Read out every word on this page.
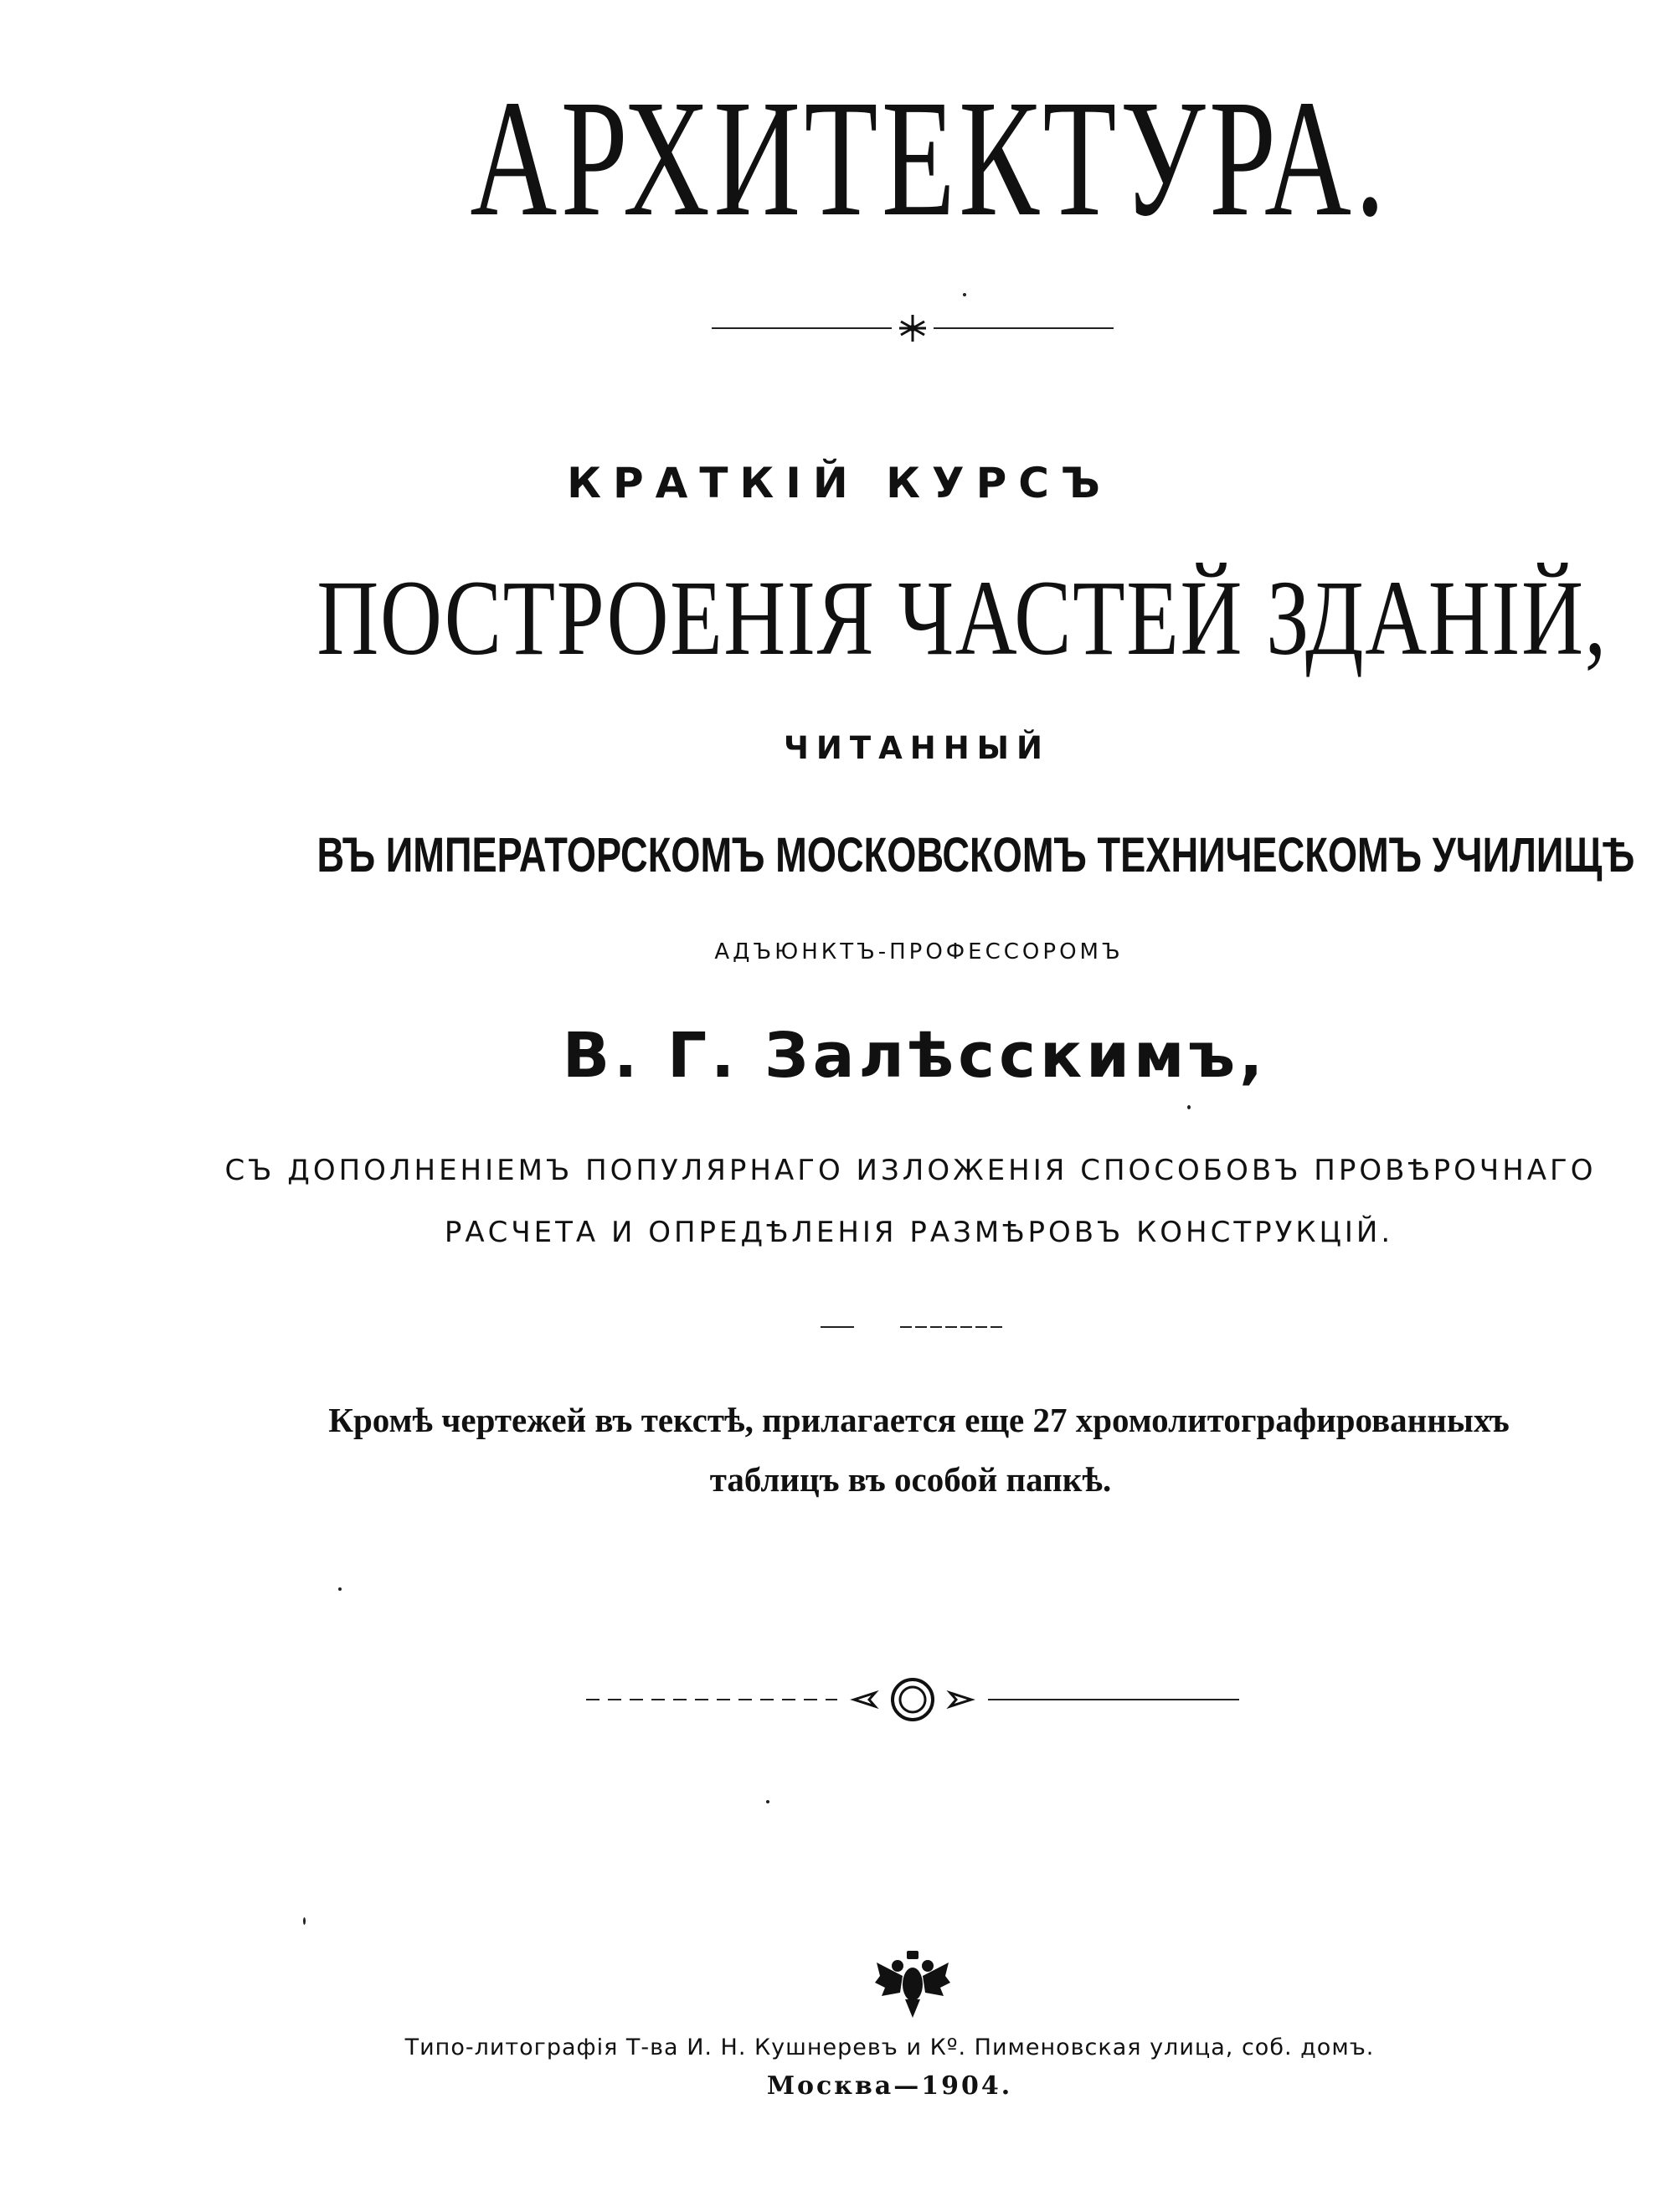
АРХИТЕКТУРА.
КРАТКІЙ КУРСЪ
ПОСТРОЕНІЯ ЧАСТЕЙ ЗДАНІЙ,
ЧИТАННЫЙ
ВЪ ИМПЕРАТОРСКОМЪ МОСКОВСКОМЪ ТЕХНИЧЕСКОМЪ УЧИЛИЩѢ
АДЪЮНКТЪ-ПРОФЕССОРОМЪ
В. Г. Залѣсскимъ,
СЪ ДОПОЛНЕНІЕМЪ ПОПУЛЯРНАГО ИЗЛОЖЕНІЯ СПОСОБОВЪ ПРОВѢРОЧНАГО
РАСЧЕТА И ОПРЕДѢЛЕНІЯ РАЗМѢРОВЪ КОНСТРУКЦІЙ.
Кромѣ чертежей въ текстѣ, прилагается еще 27 хромолитографированныхъ
таблицъ въ особой папкѣ.
Типо-литографія Т-ва И. Н. Кушнеревъ и Кº. Пименовская улица, соб. домъ.
Москва—1904.
